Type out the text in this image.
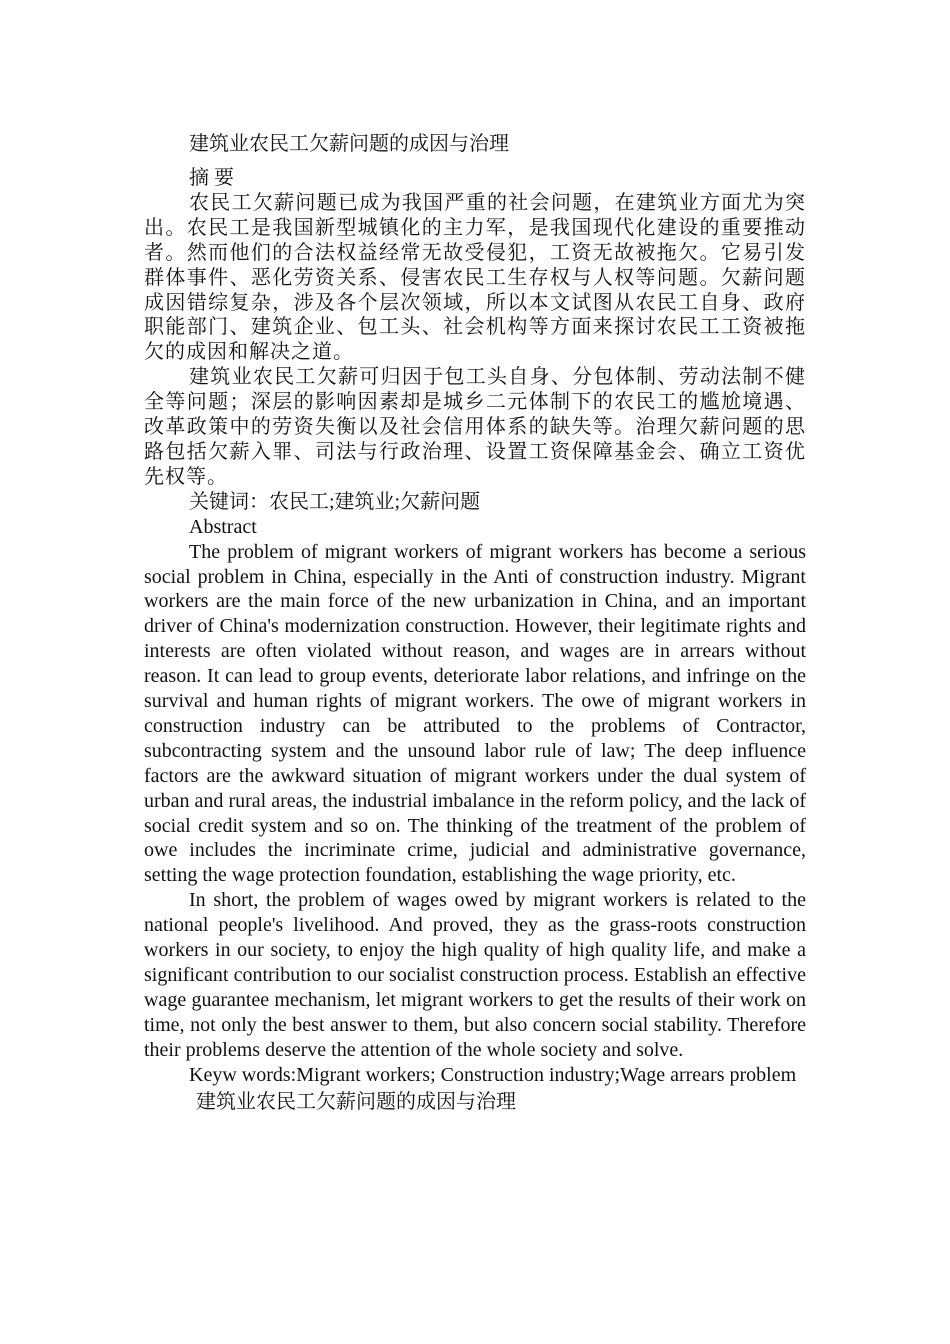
建筑业农民工欠薪问题的成因与治理
摘 要

农民工欠薪问题已成为我国严重的社会问题，在建筑业方面尤为突出。农民工是我国新型城镇化的主力军，是我国现代化建设的重要推动者。然而他们的合法权益经常无故受侵犯，工资无故被拖欠。它易引发群体事件、恶化劳资关系、侵害农民工生存权与人权等问题。欠薪问题成因错综复杂，涉及各个层次领域，所以本文试图从农民工自身、政府职能部门、建筑企业、包工头、社会机构等方面来探讨农民工工资被拖欠的成因和解决之道。

建筑业农民工欠薪可归因于包工头自身、分包体制、劳动法制不健全等问题；深层的影响因素却是城乡二元体制下的农民工的尴尬境遇、改革政策中的劳资失衡以及社会信用体系的缺失等。治理欠薪问题的思路包括欠薪入罪、司法与行政治理、设置工资保障基金会、确立工资优先权等。

关键词：农民工;建筑业;欠薪问题
Abstract

The problem of migrant workers of migrant workers has become a serious social problem in China, especially in the Anti of construction industry. Migrant workers are the main force of the new urbanization in China, and an important driver of China's modernization construction. However, their legitimate rights and interests are often violated without reason, and wages are in arrears without reason. It can lead to group events, deteriorate labor relations, and infringe on the survival and human rights of migrant workers. The owe of migrant workers in construction industry can be attributed to the problems of Contractor, subcontracting system and the unsound labor rule of law; The deep influence factors are the awkward situation of migrant workers under the dual system of urban and rural areas, the industrial imbalance in the reform policy, and the lack of social credit system and so on. The thinking of the treatment of the problem of owe includes the incriminate crime, judicial and administrative governance, setting the wage protection foundation, establishing the wage priority, etc.

In short, the problem of wages owed by migrant workers is related to the national people's livelihood. And proved, they as the grass-roots construction workers in our society, to enjoy the high quality of high quality life, and make a significant contribution to our socialist construction process. Establish an effective wage guarantee mechanism, let migrant workers to get the results of their work on time, not only the best answer to them, but also concern social stability. Therefore their problems deserve the attention of the whole society and solve.

Keyw words:Migrant workers; Construction industry;Wage arrears problem

建筑业农民工欠薪问题的成因与治理
